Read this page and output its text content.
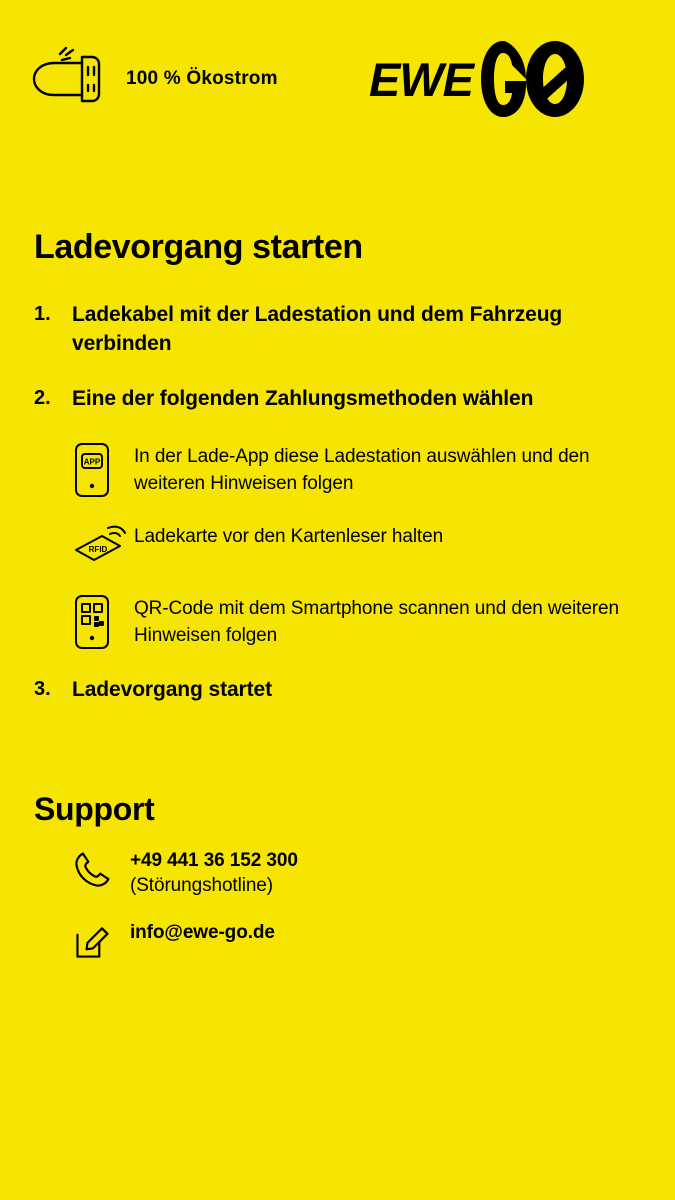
100 % Ökostrom EWE
Ladevorgang starten
1.	Ladekabel mit der Ladestation und dem Fahrzeug verbinden
2.	Eine der folgenden Zahlungsmethoden wählen
APP In der Lade-App diese Ladestation auswählen und den weiteren Hinweisen folgen
RFID
Ladekarte vor den Kartenleser halten
QR-Code mit dem Smartphone scannen und den weiteren Hinweisen folgen
3.	Ladevorgang startet
Support
+49 441 36 152 300
(Störungshotline)
info@ewe-go.de
